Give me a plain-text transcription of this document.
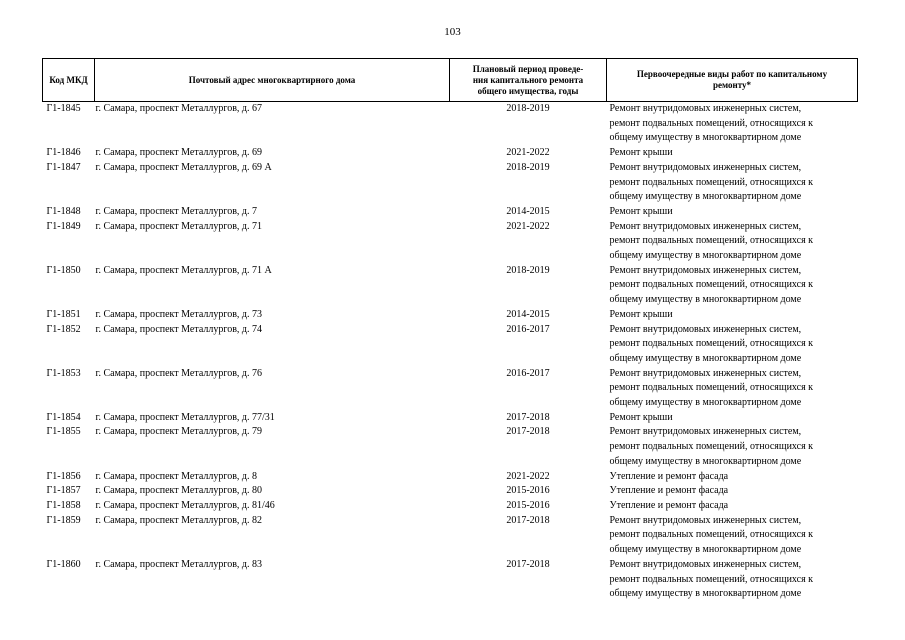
103
Код МКД	Почтовый адрес многоквартирного дома	Плановый период проведе-
ния капитального ремонта
общего имущества, годы	Первоочередные виды работ по капитальному
ремонту*

Г1-1845	г. Самара, проспект Металлургов, д. 67	2018-2019	Ремонт внутридомовых инженерных систем,
ремонт подвальных помещений, относящихся к
общему имуществу в многоквартирном доме

Г1-1846	г. Самара, проспект Металлургов, д. 69	2021-2022	Ремонт крыши

Г1-1847	г. Самара, проспект Металлургов, д. 69 А	2018-2019	Ремонт внутридомовых инженерных систем,
ремонт подвальных помещений, относящихся к
общему имуществу в многоквартирном доме

Г1-1848	г. Самара, проспект Металлургов, д. 7	2014-2015	Ремонт крыши

Г1-1849	г. Самара, проспект Металлургов, д. 71	2021-2022	Ремонт внутридомовых инженерных систем,
ремонт подвальных помещений, относящихся к
общему имуществу в многоквартирном доме

Г1-1850	г. Самара, проспект Металлургов, д. 71 А	2018-2019	Ремонт внутридомовых инженерных систем,
ремонт подвальных помещений, относящихся к
общему имуществу в многоквартирном доме

Г1-1851	г. Самара, проспект Металлургов, д. 73	2014-2015	Ремонт крыши

Г1-1852	г. Самара, проспект Металлургов, д. 74	2016-2017	Ремонт внутридомовых инженерных систем,
ремонт подвальных помещений, относящихся к
общему имуществу в многоквартирном доме

Г1-1853	г. Самара, проспект Металлургов, д. 76	2016-2017	Ремонт внутридомовых инженерных систем,
ремонт подвальных помещений, относящихся к
общему имуществу в многоквартирном доме

Г1-1854	г. Самара, проспект Металлургов, д. 77/31	2017-2018	Ремонт крыши

Г1-1855	г. Самара, проспект Металлургов, д. 79	2017-2018	Ремонт внутридомовых инженерных систем,
ремонт подвальных помещений, относящихся к
общему имуществу в многоквартирном доме

Г1-1856	г. Самара, проспект Металлургов, д. 8	2021-2022	Утепление и ремонт фасада

Г1-1857	г. Самара, проспект Металлургов, д. 80	2015-2016	Утепление и ремонт фасада

Г1-1858	г. Самара, проспект Металлургов, д. 81/46	2015-2016	Утепление и ремонт фасада

Г1-1859	г. Самара, проспект Металлургов, д. 82	2017-2018	Ремонт внутридомовых инженерных систем,
ремонт подвальных помещений, относящихся к
общему имуществу в многоквартирном доме

Г1-1860	г. Самара, проспект Металлургов, д. 83	2017-2018	Ремонт внутридомовых инженерных систем,
ремонт подвальных помещений, относящихся к
общему имуществу в многоквартирном доме
